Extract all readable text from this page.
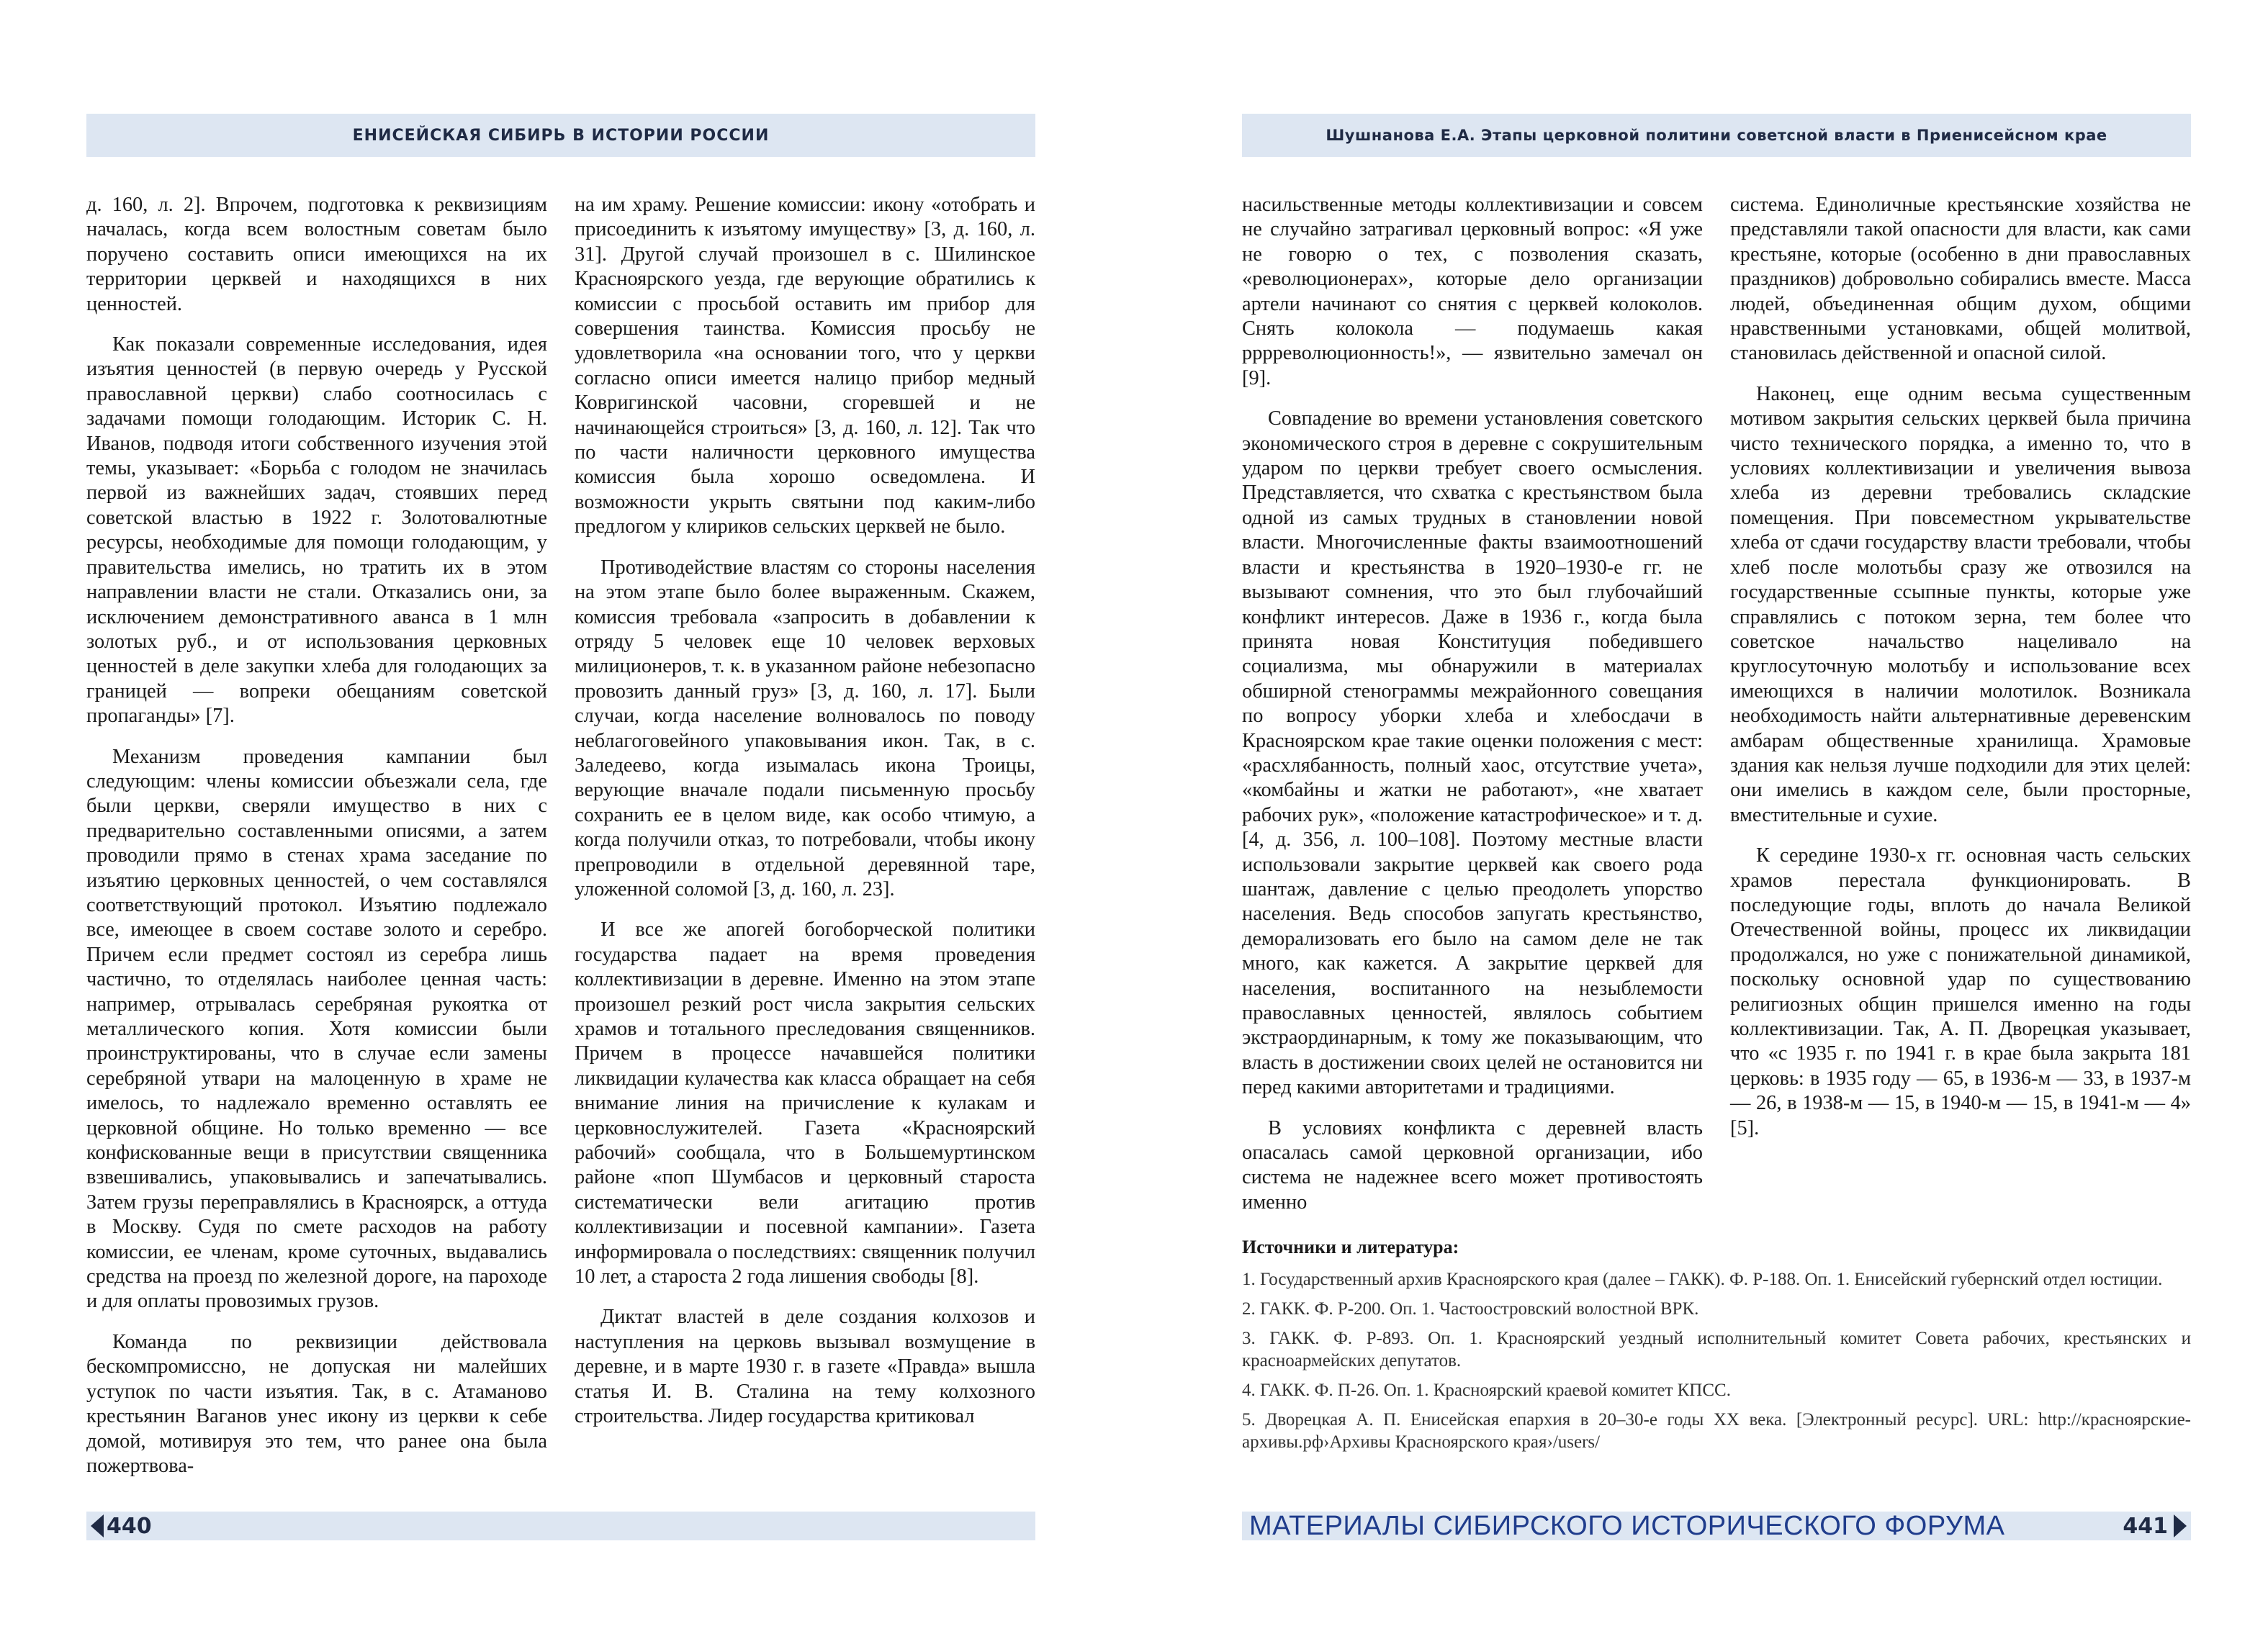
ЕНИСЕЙСКАЯ СИБИРЬ В ИСТОРИИ РОССИИ

д. 160, л. 2]. Впрочем, подготовка к реквизициям началась, когда всем волостным советам было поручено составить описи имеющихся на их территории церквей и находящихся в них ценностей.

Как показали современные исследования, идея изъятия ценностей (в первую очередь у Русской православной церкви) слабо соотносилась с задачами помощи голодающим. Историк С. Н. Иванов, подводя итоги собственного изучения этой темы, указывает: «Борьба с голодом не значилась первой из важнейших задач, стоявших перед советской властью в 1922 г. Золотовалютные ресурсы, необходимые для помощи голодающим, у правительства имелись, но тратить их в этом направлении власти не стали. Отказались они, за исключением демонстративного аванса в 1 млн золотых руб., и от использования церковных ценностей в деле закупки хлеба для голодающих за границей — вопреки обещаниям советской пропаганды» [7].

Механизм проведения кампании был следующим: члены комиссии объезжали села, где были церкви, сверяли имущество в них с предварительно составленными описями, а затем проводили прямо в стенах храма заседание по изъятию церковных ценностей, о чем составлялся соответствующий протокол. Изъятию подлежало все, имеющее в своем составе золото и серебро. Причем если предмет состоял из серебра лишь частично, то отделялась наиболее ценная часть: например, отрывалась серебряная рукоятка от металлического копия. Хотя комиссии были проинструктированы, что в случае если замены серебряной утвари на малоценную в храме не имелось, то надлежало временно оставлять ее церковной общине. Но только временно — все конфискованные вещи в присутствии священника взвешивались, упаковывались и запечатывались. Затем грузы переправлялись в Красноярск, а оттуда в Москву. Судя по смете расходов на работу комиссии, ее членам, кроме суточных, выдавались средства на проезд по железной дороге, на пароходе и для оплаты провозимых грузов.

Команда по реквизиции действовала бескомпромиссно, не допуская ни малейших уступок по части изъятия. Так, в с. Атаманово крестьянин Ваганов унес икону из церкви к себе домой, мотивируя это тем, что ранее она была пожертвова-

на им храму. Решение комиссии: икону «отобрать и присоединить к изъятому имуществу» [3, д. 160, л. 31]. Другой случай произошел в с. Шилинское Красноярского уезда, где верующие обратились к комиссии с просьбой оставить им прибор для совершения таинства. Комиссия просьбу не удовлетворила «на основании того, что у церкви согласно описи имеется налицо прибор медный Ковригинской часовни, сгоревшей и не начинающейся строиться» [3, д. 160, л. 12]. Так что по части наличности церковного имущества комиссия была хорошо осведомлена. И возможности укрыть святыни под каким-либо предлогом у клириков сельских церквей не было.

Противодействие властям со стороны населения на этом этапе было более выраженным. Скажем, комиссия требовала «запросить в добавлении к отряду 5 человек еще 10 человек верховых милиционеров, т. к. в указанном районе небезопасно провозить данный груз» [3, д. 160, л. 17]. Были случаи, когда население волновалось по поводу неблагоговейного упаковывания икон. Так, в с. Заледеево, когда изымалась икона Троицы, верующие вначале подали письменную просьбу сохранить ее в целом виде, как особо чтимую, а когда получили отказ, то потребовали, чтобы икону препроводили в отдельной деревянной таре, уложенной соломой [3, д. 160, л. 23].

И все же апогей богоборческой политики государства падает на время проведения коллективизации в деревне. Именно на этом этапе произошел резкий рост числа закрытия сельских храмов и тотального преследования священников. Причем в процессе начавшейся политики ликвидации кулачества как класса обращает на себя внимание линия на причисление к кулакам и церковнослужителей. Газета «Красноярский рабочий» сообщала, что в Большемуртинском районе «поп Шумбасов и церковный староста систематически вели агитацию против коллективизации и посевной кампании». Газета информировала о последствиях: священник получил 10 лет, а староста 2 года лишения свободы [8].

Диктат властей в деле создания колхозов и наступления на церковь вызывал возмущение в деревне, и в марте 1930 г. в газете «Правда» вышла статья И. В. Сталина на тему колхозного строительства. Лидер государства критиковал

440
Шушнанова Е.А. Этапы церковной политини советсной власти в Приенисейсном крае

насильственные методы коллективизации и совсем не случайно затрагивал церковный вопрос: «Я уже не говорю о тех, с позволения сказать, «революционерах», которые дело организации артели начинают со снятия с церквей колоколов. Снять колокола — подумаешь какая рррреволюционность!», — язвительно замечал он [9].

Совпадение во времени установления советского экономического строя в деревне с сокрушительным ударом по церкви требует своего осмысления. Представляется, что схватка с крестьянством была одной из самых трудных в становлении новой власти. Многочисленные факты взаимоотношений власти и крестьянства в 1920–1930-е гг. не вызывают сомнения, что это был глубочайший конфликт интересов. Даже в 1936 г., когда была принята новая Конституция победившего социализма, мы обнаружили в материалах обширной стенограммы межрайонного совещания по вопросу уборки хлеба и хлебосдачи в Красноярском крае такие оценки положения с мест: «расхлябанность, полный хаос, отсутствие учета», «комбайны и жатки не работают», «не хватает рабочих рук», «положение катастрофическое» и т. д. [4, д. 356, л. 100–108]. Поэтому местные власти использовали закрытие церквей как своего рода шантаж, давление с целью преодолеть упорство населения. Ведь способов запугать крестьянство, деморализовать его было на самом деле не так много, как кажется. А закрытие церквей для населения, воспитанного на незыблемости православных ценностей, являлось событием экстраординарным, к тому же показывающим, что власть в достижении своих целей не остановится ни перед какими авторитетами и традициями.

В условиях конфликта с деревней власть опасалась самой церковной организации, ибо система не надежнее всего может противостоять именно

система. Единоличные крестьянские хозяйства не представляли такой опасности для власти, как сами крестьяне, которые (особенно в дни православных праздников) добровольно собирались вместе. Масса людей, объединенная общим духом, общими нравственными установками, общей молитвой, становилась действенной и опасной силой.

Наконец, еще одним весьма существенным мотивом закрытия сельских церквей была причина чисто технического порядка, а именно то, что в условиях коллективизации и увеличения вывоза хлеба из деревни требовались складские помещения. При повсеместном укрывательстве хлеба от сдачи государству власти требовали, чтобы хлеб после молотьбы сразу же отвозился на государственные ссыпные пункты, которые уже справлялись с потоком зерна, тем более что советское начальство нацеливало на круглосуточную молотьбу и использование всех имеющихся в наличии молотилок. Возникала необходимость найти альтернативные деревенским амбарам общественные хранилища. Храмовые здания как нельзя лучше подходили для этих целей: они имелись в каждом селе, были просторные, вместительные и сухие.

К середине 1930-х гг. основная часть сельских храмов перестала функционировать. В последующие годы, вплоть до начала Великой Отечественной войны, процесс их ликвидации продолжался, но уже с понижательной динамикой, поскольку основной удар по существованию религиозных общин пришелся именно на годы коллективизации. Так, А. П. Дворецкая указывает, что «с 1935 г. по 1941 г. в крае была закрыта 181 церковь: в 1935 году — 65, в 1936-м — 33, в 1937-м — 26, в 1938-м — 15, в 1940-м — 15, в 1941-м — 4» [5].

Источники и литература:
1. Государственный архив Красноярского края (далее – ГАКК). Ф. Р-188. Оп. 1. Енисейский губернский отдел юстиции.
2. ГАКК. Ф. Р-200. Оп. 1. Частоостровский волостной ВРК.
3. ГАКК. Ф. Р-893. Оп. 1. Красноярский уездный исполнительный комитет Совета рабочих, крестьянских и красноармейских депутатов.
4. ГАКК. Ф. П-26. Оп. 1. Красноярский краевой комитет КПСС.
5. Дворецкая А. П. Енисейская епархия в 20–30-е годы XX века. [Электронный ресурс]. URL: http://красноярские-архивы.рф›Архивы Красноярского края›/users/
МАТЕРИАЛЫ СИБИРСКОГО ИСТОРИЧЕСКОГО ФОРУМА	441
